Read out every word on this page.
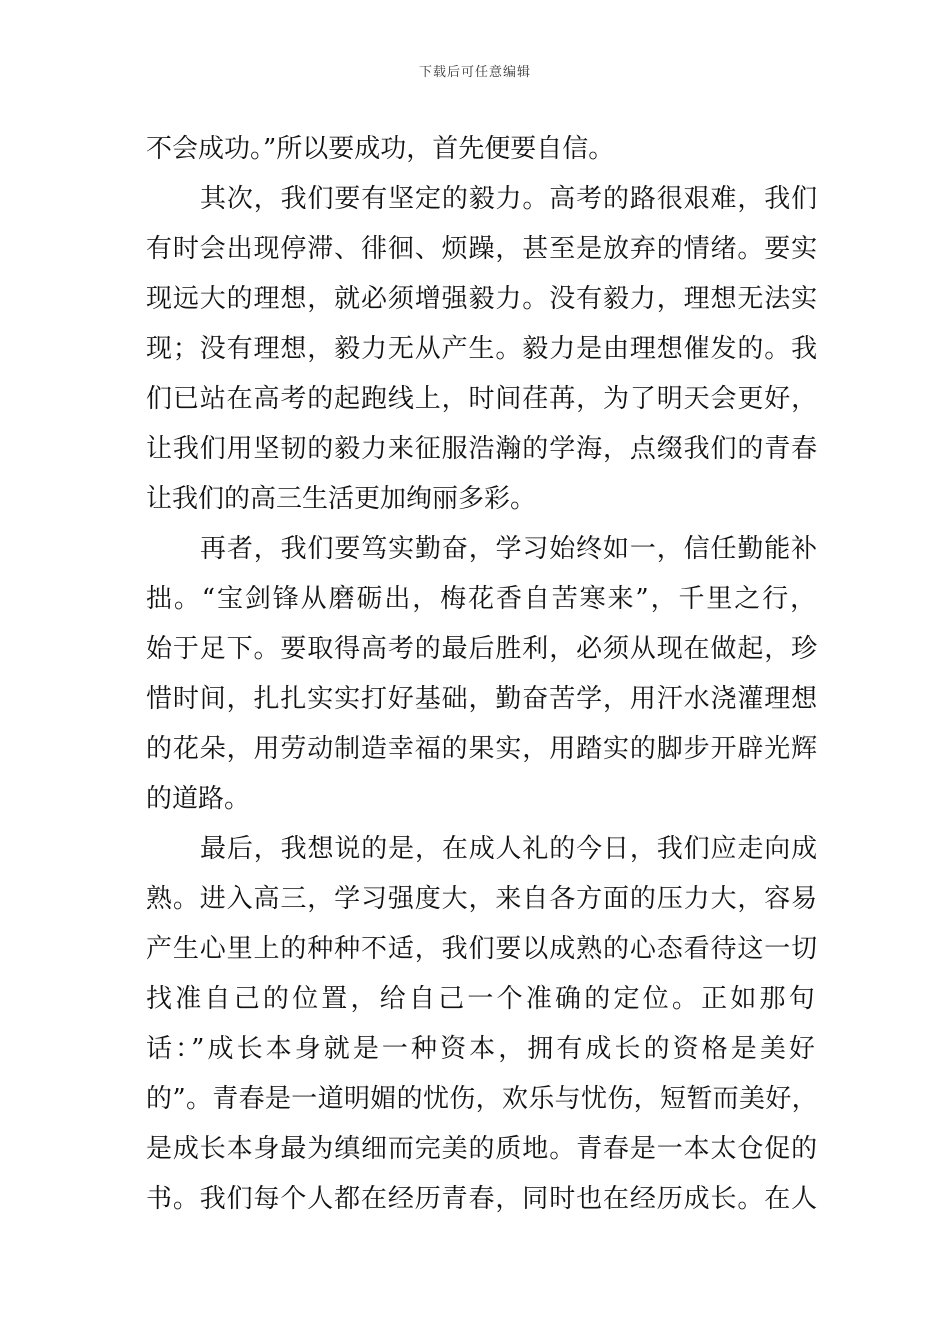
下载后可任意编辑
不会成功。”所以要成功，首先便要自信。
其次，我们要有坚定的毅力。高考的路很艰难，我们
有时会出现停滞、徘徊、烦躁，甚至是放弃的情绪。要实
现远大的理想，就必须增强毅力。没有毅力，理想无法实
现；没有理想，毅力无从产生。毅力是由理想催发的。我
们已站在高考的起跑线上，时间荏苒，为了明天会更好，
让我们用坚韧的毅力来征服浩瀚的学海，点缀我们的青春
让我们的高三生活更加绚丽多彩。
再者，我们要笃实勤奋，学习始终如一，信任勤能补
拙。“宝剑锋从磨砺出，梅花香自苦寒来”，千里之行，
始于足下。要取得高考的最后胜利，必须从现在做起，珍
惜时间，扎扎实实打好基础，勤奋苦学，用汗水浇灌理想
的花朵，用劳动制造幸福的果实，用踏实的脚步开辟光辉
的道路。
最后，我想说的是，在成人礼的今日，我们应走向成
熟。进入高三，学习强度大，来自各方面的压力大，容易
产生心里上的种种不适，我们要以成熟的心态看待这一切
找准自己的位置，给自己一个准确的定位。正如那句
话：”成长本身就是一种资本，拥有成长的资格是美好
的”。青春是一道明媚的忧伤，欢乐与忧伤，短暂而美好，
是成长本身最为缜细而完美的质地。青春是一本太仓促的
书。我们每个人都在经历青春，同时也在经历成长。在人
